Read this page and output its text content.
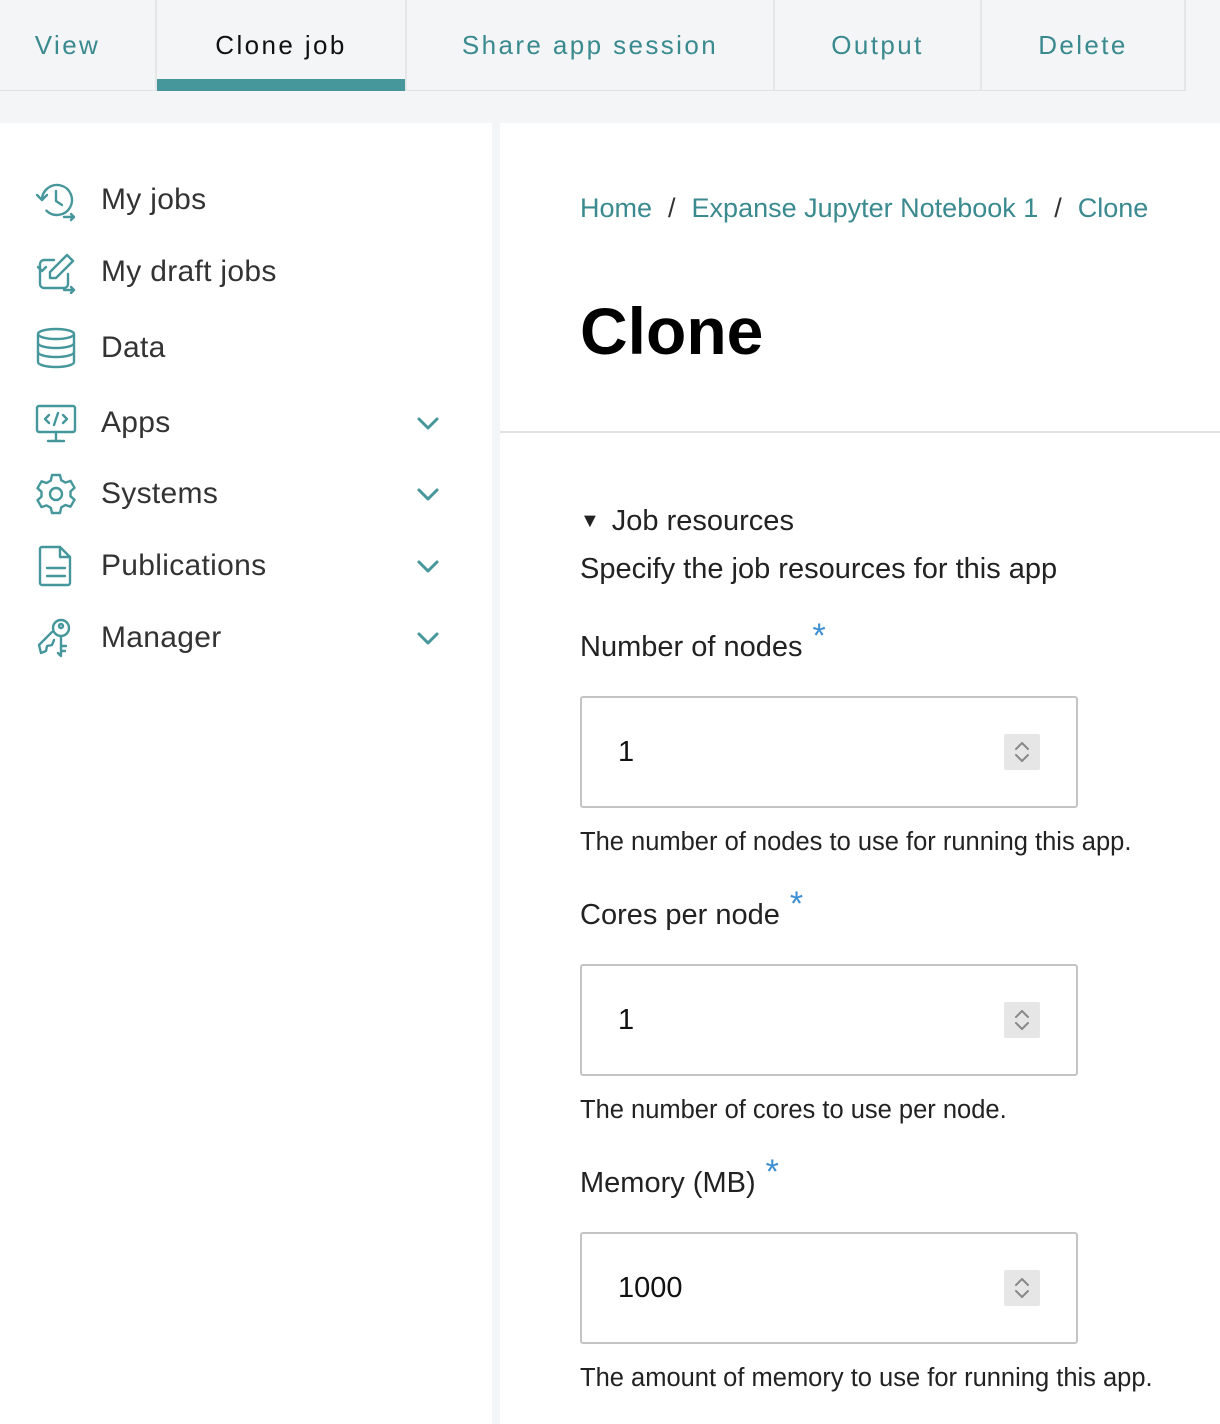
View	Clone job	Share app session	Output	Delete
My jobs
My draft jobs
Data
Apps
Systems
Publications
Manager
Home / Expanse Jupyter Notebook 1 / Clone
Clone
▼ Job resources
Specify the job resources for this app
Number of nodes *
1
The number of nodes to use for running this app.
Cores per node *
1
The number of cores to use per node.
Memory (MB) *
1000
The amount of memory to use for running this app.
